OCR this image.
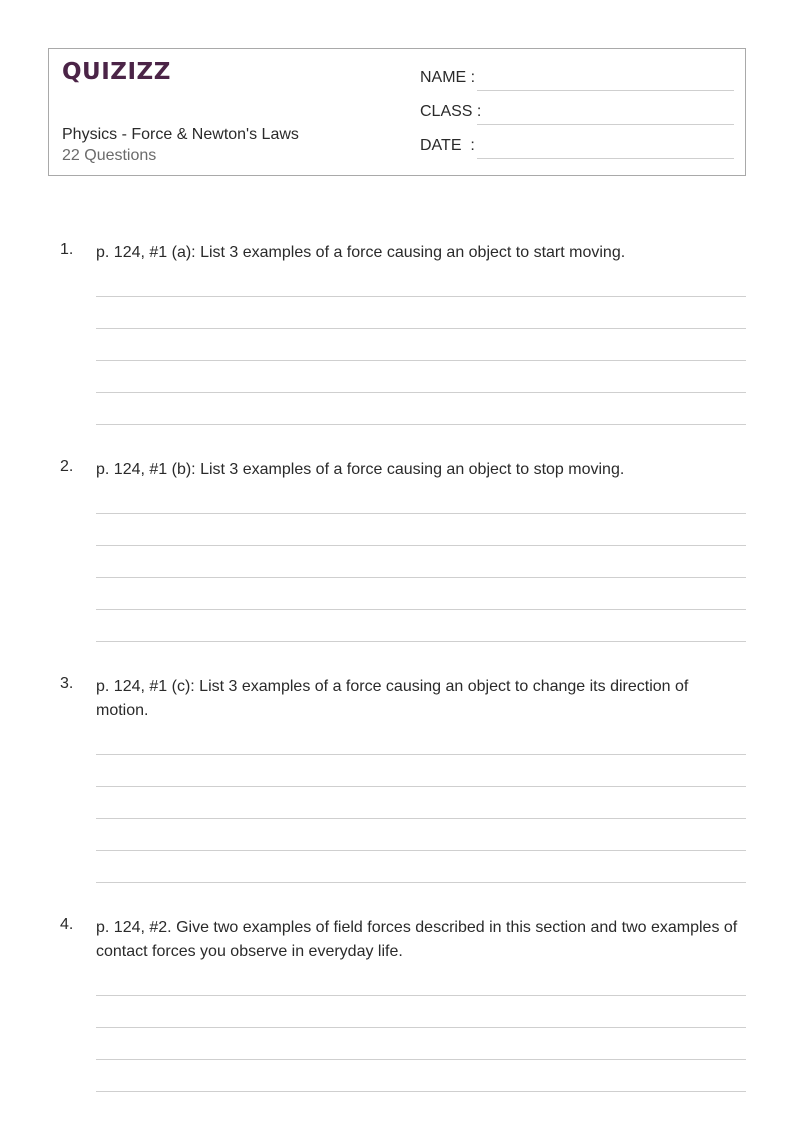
QUIZIZZ
Physics - Force & Newton's Laws
22 Questions
NAME :
CLASS :
DATE  :
1. p. 124, #1 (a): List 3 examples of a force causing an object to start moving.
2. p. 124, #1 (b): List 3 examples of a force causing an object to stop moving.
3. p. 124, #1 (c): List 3 examples of a force causing an object to change its direction of motion.
4. p. 124, #2. Give two examples of field forces described in this section and two examples of contact forces you observe in everyday life.
